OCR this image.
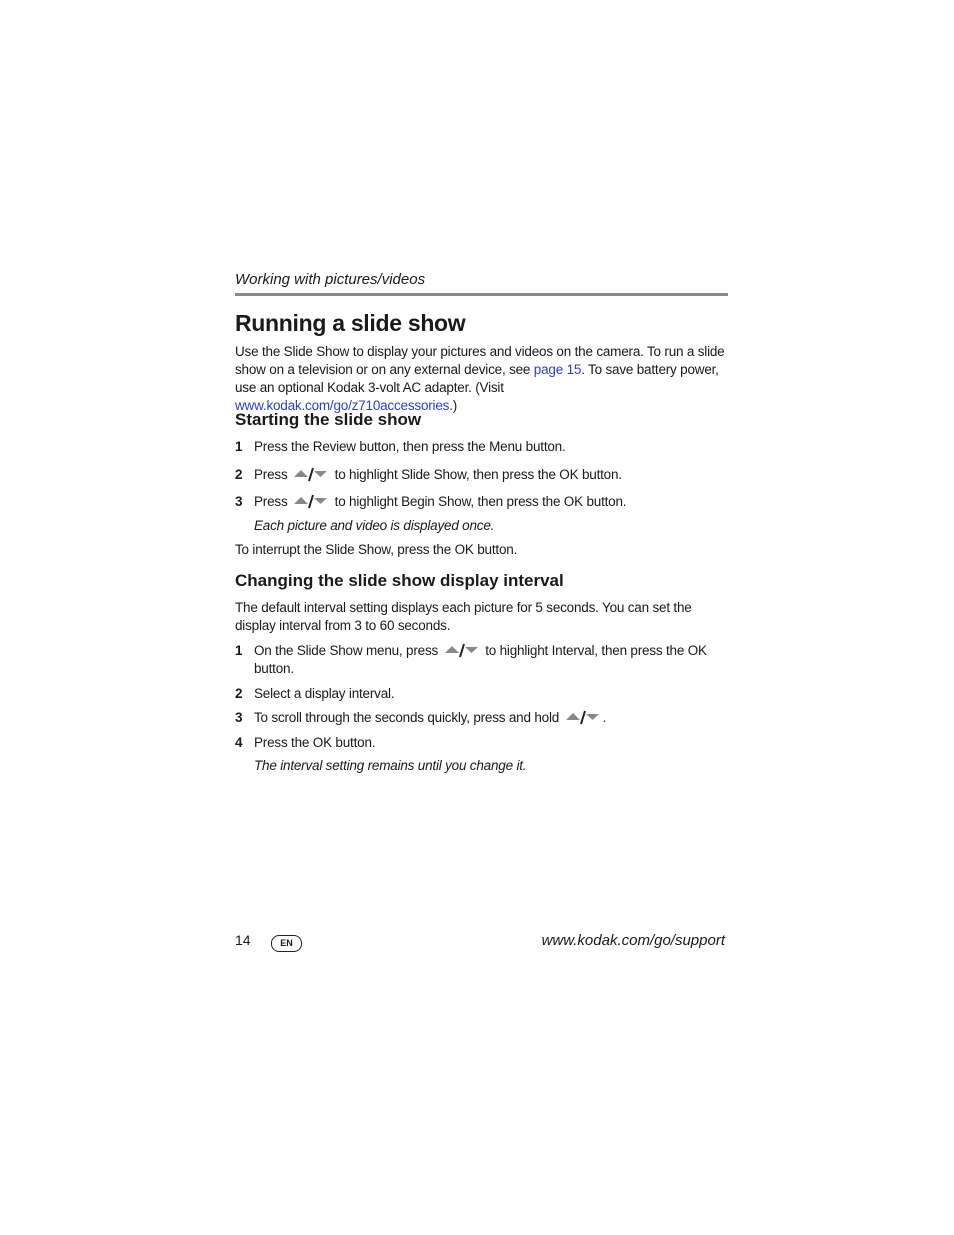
Working with pictures/videos
Running a slide show
Use the Slide Show to display your pictures and videos on the camera. To run a slide show on a television or on any external device, see page 15. To save battery power, use an optional Kodak 3-volt AC adapter. (Visit www.kodak.com/go/z710accessories.)
Starting the slide show
1 Press the Review button, then press the Menu button.
2 Press	to highlight Slide Show, then press the OK button.
3 Press	to highlight Begin Show, then press the OK button.
Each picture and video is displayed once.
To interrupt the Slide Show, press the OK button.
Changing the slide show display interval
The default interval setting displays each picture for 5 seconds. You can set the display interval from 3 to 60 seconds.
1 On the Slide Show menu, press	to highlight Interval, then press the OK button.
2 Select a display interval.
3 To scroll through the seconds quickly, press and hold	.
4 Press the OK button.
The interval setting remains until you change it.
14	EN	www.kodak.com/go/support
